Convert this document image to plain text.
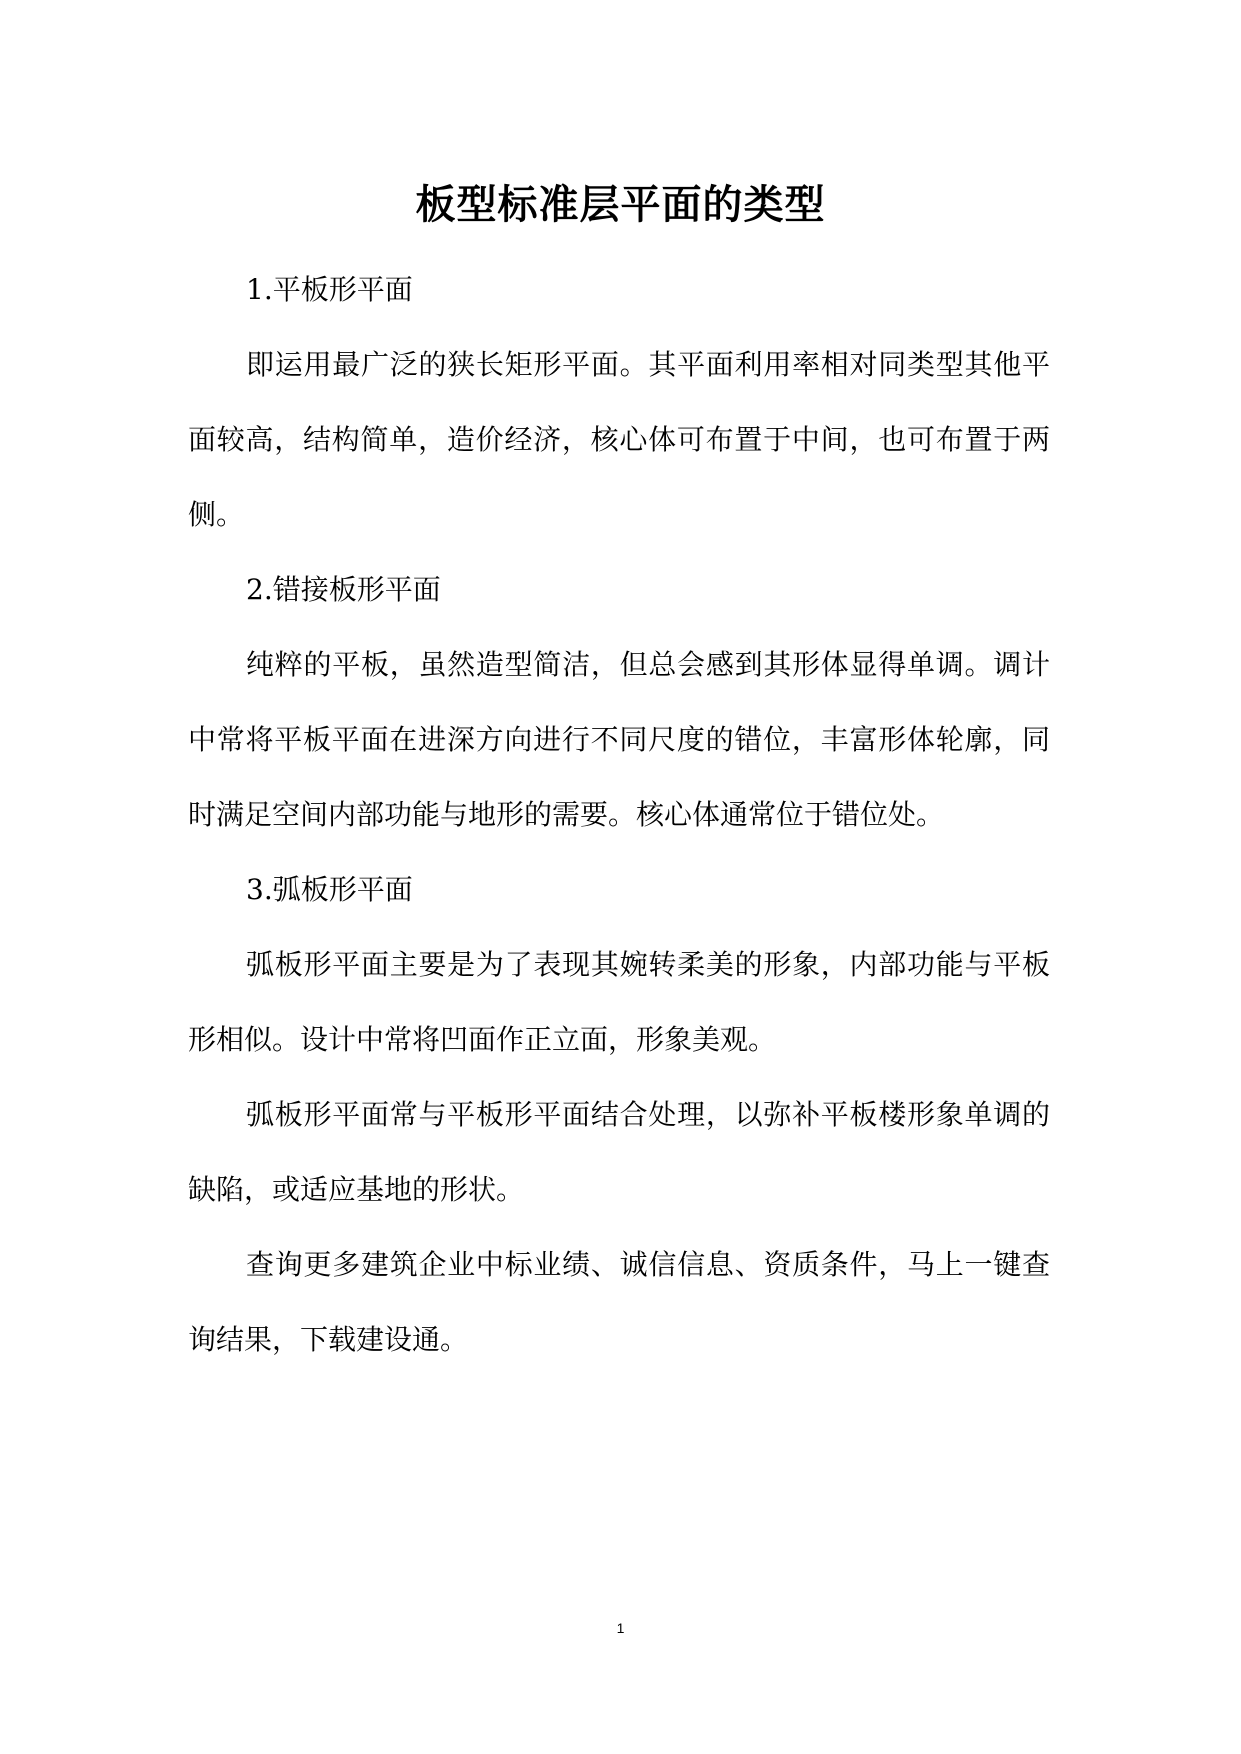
板型标准层平面的类型

1.平板形平面

即运用最广泛的狭长矩形平面。其平面利用率相对同类型其他平面较高，结构简单，造价经济，核心体可布置于中间，也可布置于两侧。

2.错接板形平面

纯粹的平板，虽然造型简洁，但总会感到其形体显得单调。调计中常将平板平面在进深方向进行不同尺度的错位，丰富形体轮廓，同时满足空间内部功能与地形的需要。核心体通常位于错位处。

3.弧板形平面

弧板形平面主要是为了表现其婉转柔美的形象，内部功能与平板形相似。设计中常将凹面作正立面，形象美观。

弧板形平面常与平板形平面结合处理，以弥补平板楼形象单调的缺陷，或适应基地的形状。

查询更多建筑企业中标业绩、诚信信息、资质条件，马上一键查询结果，下载建设通。

1
